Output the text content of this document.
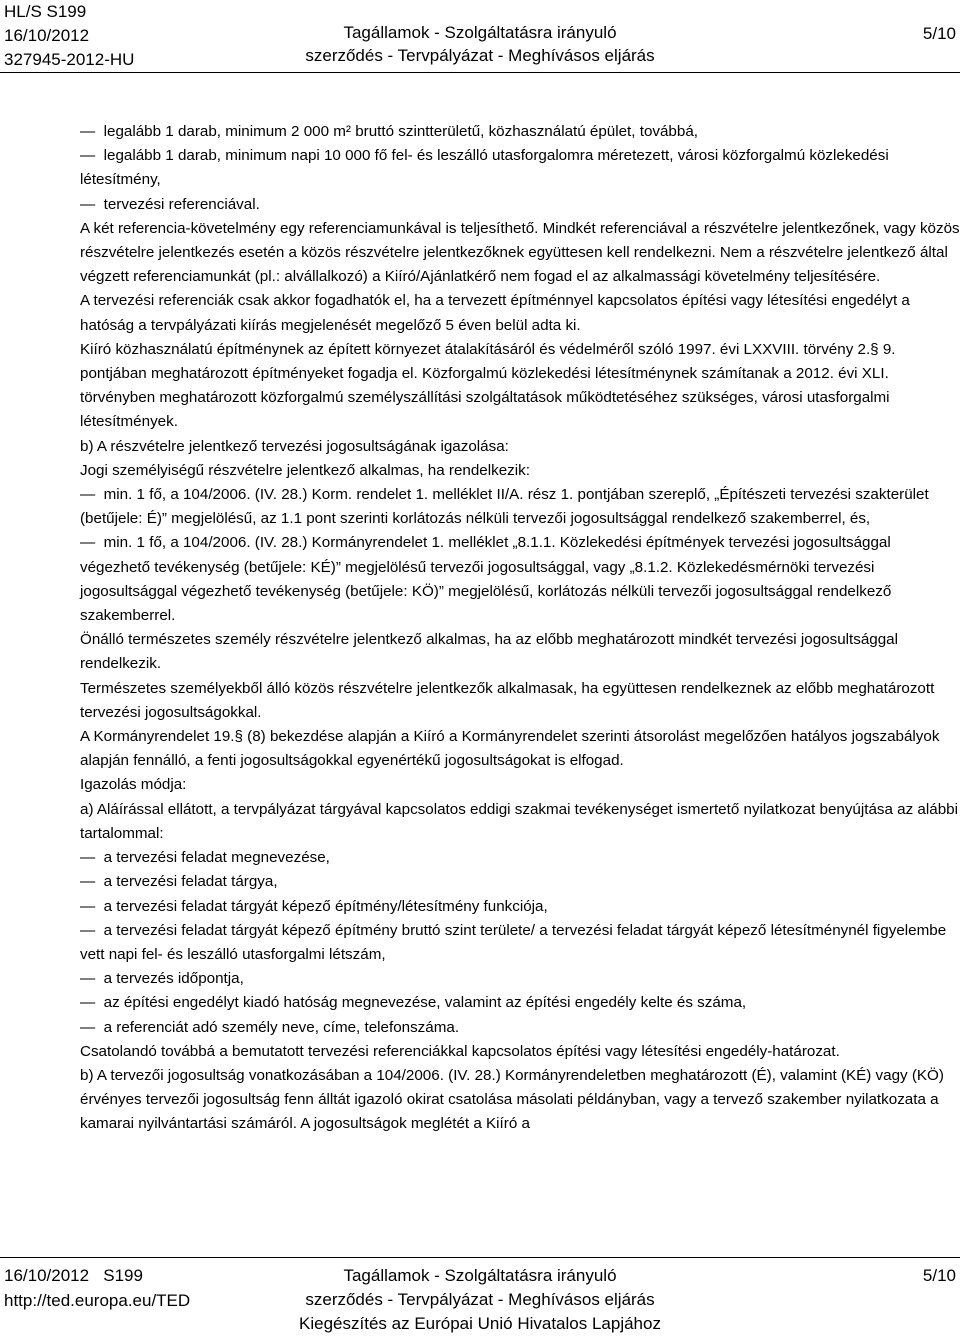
HL/S S199
16/10/2012
327945-2012-HU
Tagállamok - Szolgáltatásra irányuló
szerződés - Tervpályázat - Meghívásos eljárás
5/10

—  legalább 1 darab, minimum 2 000 m² bruttó szintterületű, közhasználatú épület, továbbá,

—  legalább 1 darab, minimum napi 10 000 fő fel- és leszálló utasforgalomra méretezett, városi közforgalmú közlekedési létesítmény,

—  tervezési referenciával.

A két referencia-követelmény egy referenciamunkával is teljesíthető. Mindkét referenciával a részvételre jelentkezőnek, vagy közös részvételre jelentkezés esetén a közös részvételre jelentkezőknek együttesen kell rendelkezni. Nem a részvételre jelentkező által végzett referenciamunkát (pl.: alvállalkozó) a Kiíró/Ajánlatkérő nem fogad el az alkalmassági követelmény teljesítésére.

A tervezési referenciák csak akkor fogadhatók el, ha a tervezett építménnyel kapcsolatos építési vagy létesítési engedélyt a hatóság a tervpályázati kiírás megjelenését megelőző 5 éven belül adta ki.

Kiíró közhasználatú építménynek az épített környezet átalakításáról és védelméről szóló 1997. évi LXXVIII. törvény 2.§ 9. pontjában meghatározott építményeket fogadja el. Közforgalmú közlekedési létesítménynek számítanak a 2012. évi XLI. törvényben meghatározott közforgalmú személyszállítási szolgáltatások működtetéséhez szükséges, városi utasforgalmi létesítmények.

b) A részvételre jelentkező tervezési jogosultságának igazolása:

Jogi személyiségű részvételre jelentkező alkalmas, ha rendelkezik:

—  min. 1 fő, a 104/2006. (IV. 28.) Korm. rendelet 1. melléklet II/A. rész 1. pontjában szereplő, „Építészeti tervezési szakterület (betűjele: É)” megjelölésű, az 1.1 pont szerinti korlátozás nélküli tervezői jogosultsággal rendelkező szakemberrel, és,

—  min. 1 fő, a 104/2006. (IV. 28.) Kormányrendelet 1. melléklet „8.1.1. Közlekedési építmények tervezési jogosultsággal végezhető tevékenység (betűjele: KÉ)” megjelölésű tervezői jogosultsággal, vagy „8.1.2. Közlekedésmérnöki tervezési jogosultsággal végezhető tevékenység (betűjele: KÖ)” megjelölésű, korlátozás nélküli tervezői jogosultsággal rendelkező szakemberrel.

Önálló természetes személy részvételre jelentkező alkalmas, ha az előbb meghatározott mindkét tervezési jogosultsággal rendelkezik.

Természetes személyekből álló közös részvételre jelentkezők alkalmasak, ha együttesen rendelkeznek az előbb meghatározott tervezési jogosultságokkal.

A Kormányrendelet 19.§ (8) bekezdése alapján a Kiíró a Kormányrendelet szerinti átsorolást megelőzően hatályos jogszabályok alapján fennálló, a fenti jogosultságokkal egyenértékű jogosultságokat is elfogad.

Igazolás módja:

a) Aláírással ellátott, a tervpályázat tárgyával kapcsolatos eddigi szakmai tevékenységet ismertető nyilatkozat benyújtása az alábbi tartalommal:

—  a tervezési feladat megnevezése,

—  a tervezési feladat tárgya,

—  a tervezési feladat tárgyát képező építmény/létesítmény funkciója,

—  a tervezési feladat tárgyát képező építmény bruttó szint területe/ a tervezési feladat tárgyát képező létesítménynél figyelembe vett napi fel- és leszálló utasforgalmi létszám,

—  a tervezés időpontja,

—  az építési engedélyt kiadó hatóság megnevezése, valamint az építési engedély kelte és száma,

—  a referenciát adó személy neve, címe, telefonszáma.

Csatolandó továbbá a bemutatott tervezési referenciákkal kapcsolatos építési vagy létesítési engedély-határozat.

b) A tervezői jogosultság vonatkozásában a 104/2006. (IV. 28.) Kormányrendeletben meghatározott (É), valamint (KÉ) vagy (KÖ) érvényes tervezői jogosultság fenn álltát igazoló okirat csatolása másolati példányban, vagy a tervező szakember nyilatkozata a kamarai nyilvántartási számáról. A jogosultságok meglétét a Kiíró a

16/10/2012   S199
http://ted.europa.eu/TED
Tagállamok - Szolgáltatásra irányuló
szerződés - Tervpályázat - Meghívásos eljárás
Kiegészítés az Európai Unió Hivatalos Lapjához
5/10
